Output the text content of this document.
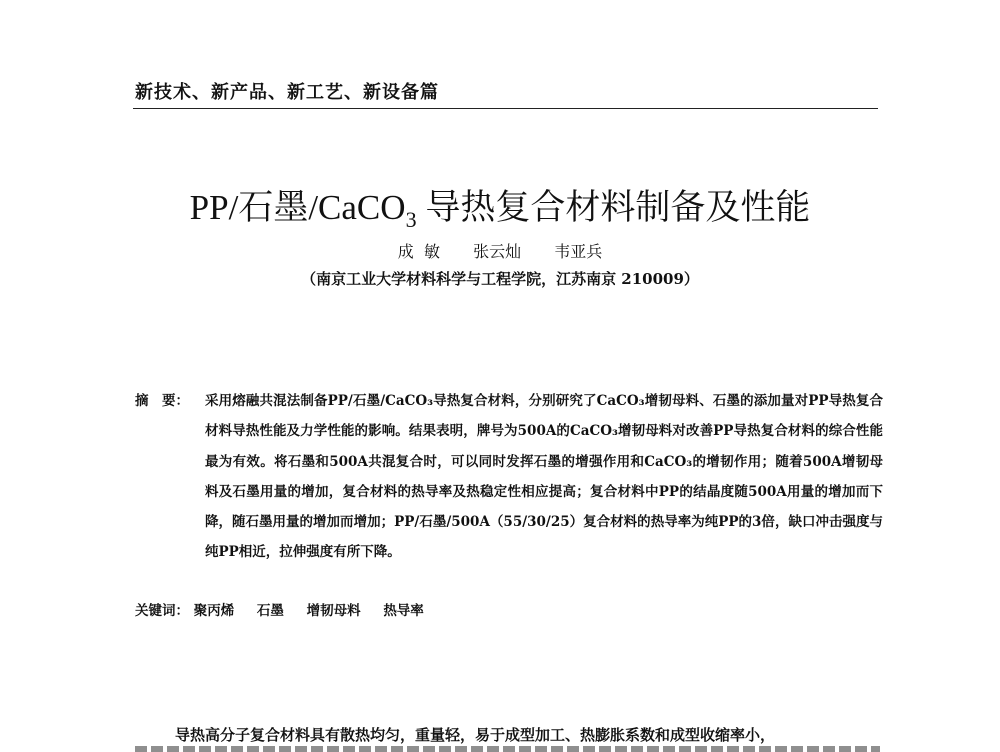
新技术、新产品、新工艺、新设备篇
PP/石墨/CaCO$_3$ 导热复合材料制备及性能
成  敏 张云灿 韦亚兵
（南京工业大学材料科学与工程学院，江苏南京 210009）
摘　要： 采用熔融共混法制备PP/石墨/CaCO₃导热复合材料，分别研究了CaCO₃增韧母料、石墨的添加量对PP导热复合材料导热性能及力学性能的影响。结果表明，牌号为500A的CaCO₃增韧母料对改善PP导热复合材料的综合性能最为有效。将石墨和500A共混复合时，可以同时发挥石墨的增强作用和CaCO₃的增韧作用；随着500A增韧母料及石墨用量的增加，复合材料的热导率及热稳定性相应提高；复合材料中PP的结晶度随500A用量的增加而下降，随石墨用量的增加而增加；PP/石墨/500A（55/30/25）复合材料的热导率为纯PP的3倍，缺口冲击强度与纯PP相近，拉伸强度有所下降。
关键词： 聚丙烯 石墨 增韧母料 热导率
导热高分子复合材料具有散热均匀，重量轻，易于成型加工、热膨胀系数和成型收缩率小，
